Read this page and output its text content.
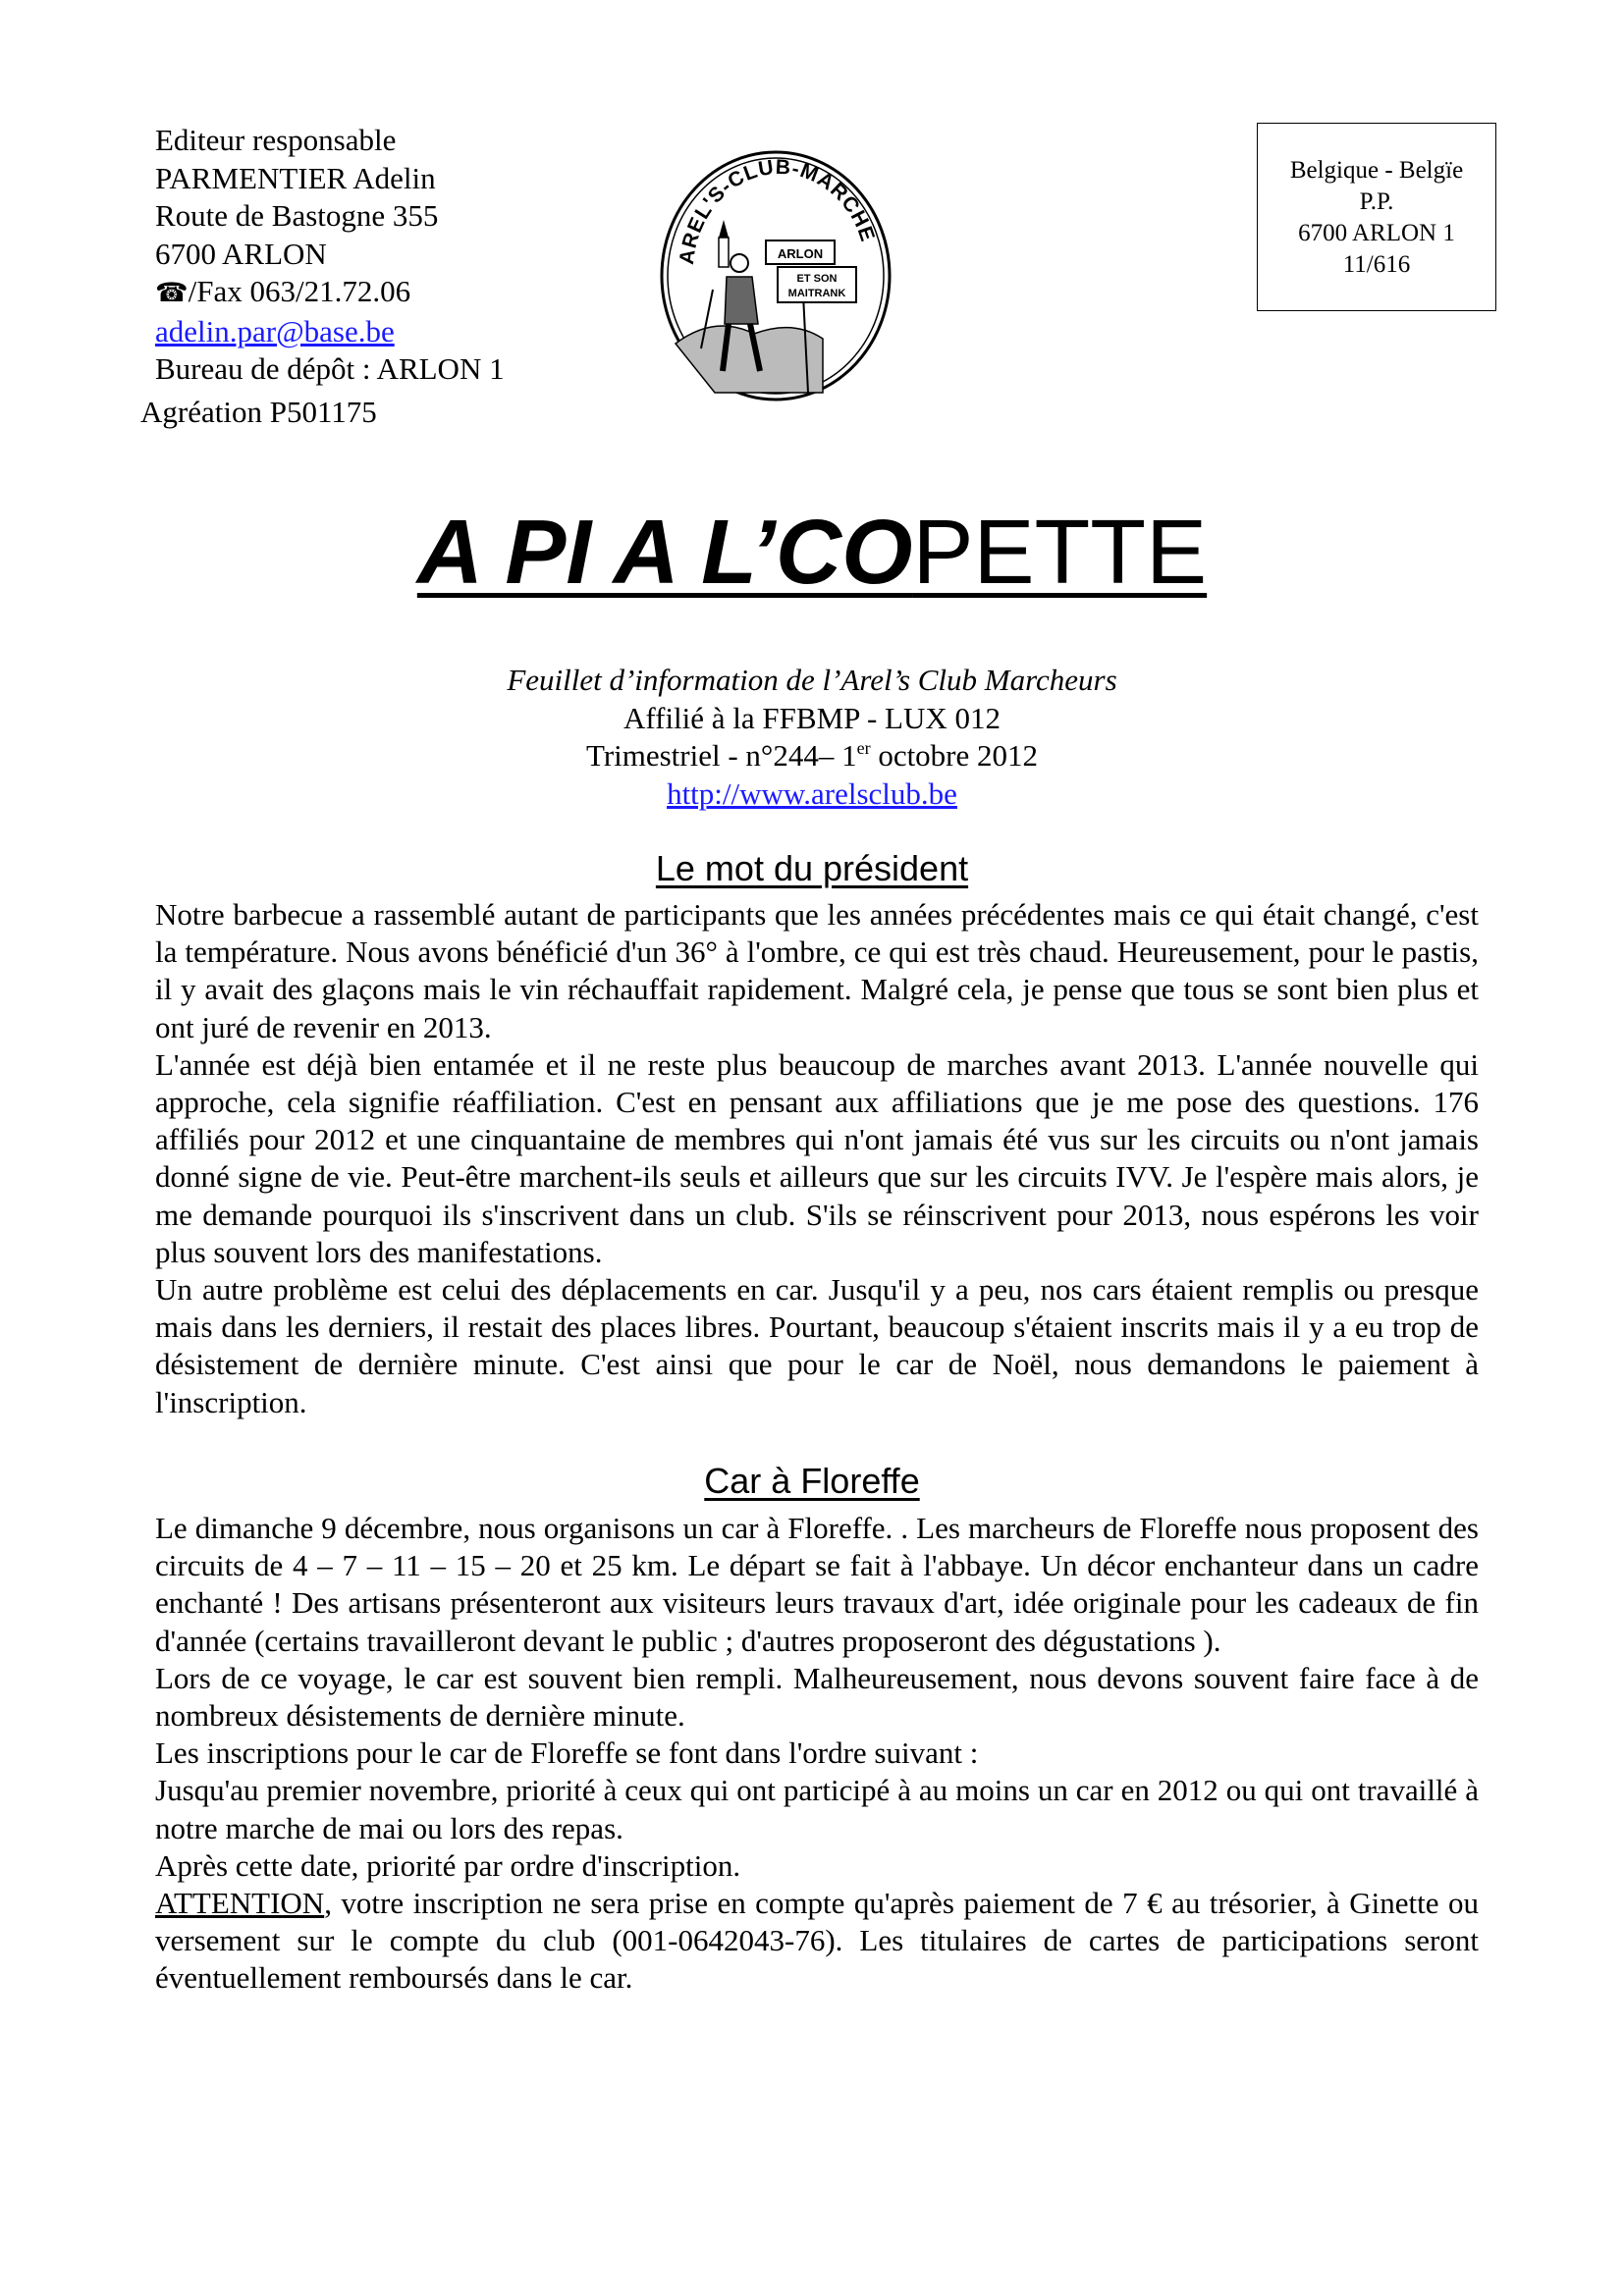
Editeur responsable
PARMENTIER Adelin
Route de Bastogne 355
6700 ARLON
☎/Fax 063/21.72.06
adelin.par@base.be
Bureau de dépôt : ARLON 1
Agréation P501175
AREL'S-CLUB-MARCHE
ARLON
ET SON
MAITRANK
Belgique - Belgïe
P.P.
6700 ARLON 1
11/616
A PI A L’COPETTE
Feuillet d’information de l’Arel’s Club Marcheurs
Affilié à la FFBMP - LUX 012
Trimestriel - n°244– 1er octobre 2012
http://www.arelsclub.be
Le mot du président

Notre barbecue a rassemblé autant de participants que les années précédentes mais ce qui était changé, c'est la température. Nous avons bénéficié d'un 36° à l'ombre, ce qui est très chaud. Heureusement, pour le pastis, il y avait des glaçons mais le vin réchauffait rapidement. Malgré cela, je pense que tous se sont bien plus et ont juré de revenir en 2013.

L'année est déjà bien entamée et il ne reste plus beaucoup de marches avant 2013. L'année nouvelle qui approche, cela signifie réaffiliation. C'est en pensant aux affiliations que je me pose des questions. 176 affiliés pour 2012 et une cinquantaine de membres qui n'ont jamais été vus sur les circuits ou n'ont jamais donné signe de vie. Peut-être marchent-ils seuls et ailleurs que sur les circuits IVV. Je l'espère mais alors, je me demande pourquoi ils s'inscrivent dans un club. S'ils se réinscrivent pour 2013, nous espérons les voir plus souvent lors des manifestations.

Un autre problème est celui des déplacements en car. Jusqu'il y a peu, nos cars étaient remplis ou presque mais dans les derniers, il restait des places libres. Pourtant, beaucoup s'étaient inscrits mais il y a eu trop de désistement de dernière minute. C'est ainsi que pour le car de Noël, nous demandons le paiement à l'inscription.

Car à Floreffe

Le dimanche 9 décembre, nous organisons un car à Floreffe. . Les marcheurs de Floreffe nous proposent des circuits de 4 – 7 – 11 – 15 – 20 et 25 km. Le départ se fait à l'abbaye. Un décor enchanteur dans un cadre enchanté ! Des artisans présenteront aux visiteurs leurs travaux d'art, idée originale pour les cadeaux de fin d'année (certains travailleront devant le public ; d'autres proposeront des dégustations ).

Lors de ce voyage, le car est souvent bien rempli. Malheureusement, nous devons souvent faire face à de nombreux désistements de dernière minute.

Les inscriptions pour le car de Floreffe se font dans l'ordre suivant :

Jusqu'au premier novembre, priorité à ceux qui ont participé à au moins un car en 2012 ou qui ont travaillé à notre marche de mai ou lors des repas.

Après cette date, priorité par ordre d'inscription.

ATTENTION, votre inscription ne sera prise en compte qu'après paiement de 7 € au trésorier, à Ginette ou versement sur le compte du club (001-0642043-76). Les titulaires de cartes de participations seront éventuellement remboursés dans le car.
